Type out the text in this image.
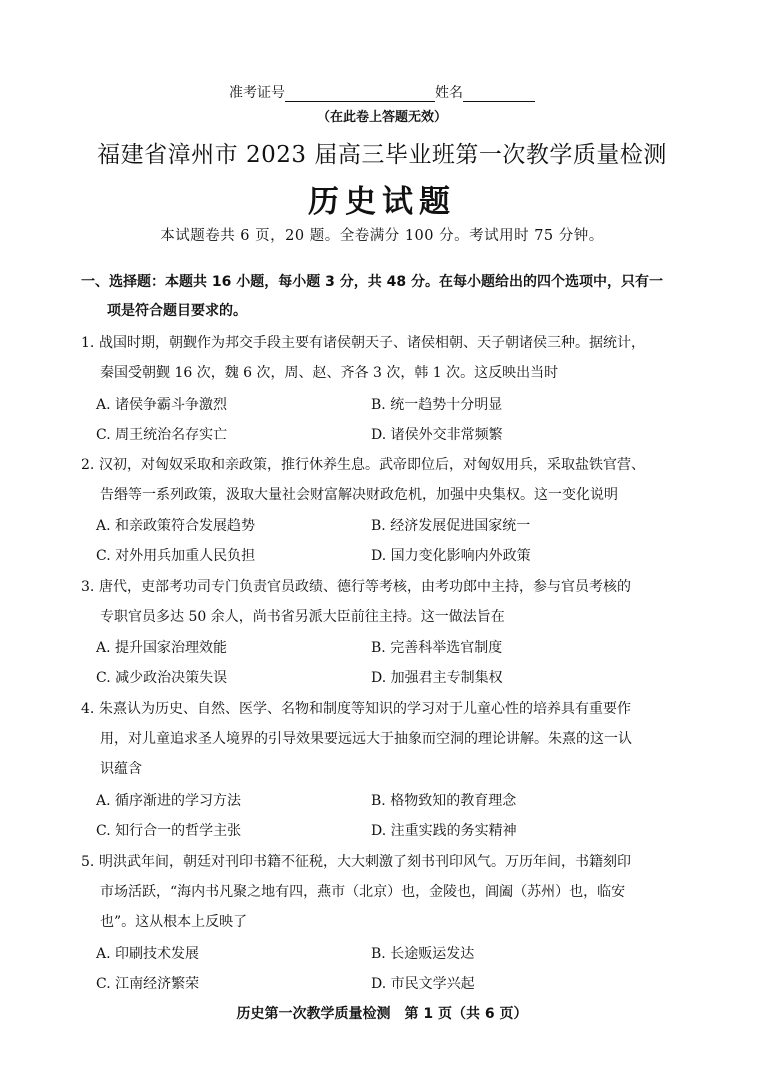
准考证号	姓名
（在此卷上答题无效）
福建省漳州市 2023 届高三毕业班第一次教学质量检测
历史试题
本试题卷共 6 页，20 题。全卷满分 100 分。考试用时 75 分钟。
一、选择题：本题共 16 小题，每小题 3 分，共 48 分。在每小题给出的四个选项中，只有一
项是符合题目要求的。
1. 战国时期，朝觐作为邦交手段主要有诸侯朝天子、诸侯相朝、天子朝诸侯三种。据统计，
秦国受朝觐 16 次，魏 6 次，周、赵、齐各 3 次，韩 1 次。这反映出当时
A. 诸侯争霸斗争激烈	B. 统一趋势十分明显
C. 周王统治名存实亡	D. 诸侯外交非常频繁
2. 汉初，对匈奴采取和亲政策，推行休养生息。武帝即位后，对匈奴用兵，采取盐铁官营、
告缗等一系列政策，汲取大量社会财富解决财政危机，加强中央集权。这一变化说明
A. 和亲政策符合发展趋势	B. 经济发展促进国家统一
C. 对外用兵加重人民负担	D. 国力变化影响内外政策
3. 唐代，吏部考功司专门负责官员政绩、德行等考核，由考功郎中主持，参与官员考核的
专职官员多达 50 余人，尚书省另派大臣前往主持。这一做法旨在
A. 提升国家治理效能	B. 完善科举选官制度
C. 减少政治决策失误	D. 加强君主专制集权
4. 朱熹认为历史、自然、医学、名物和制度等知识的学习对于儿童心性的培养具有重要作
用，对儿童追求圣人境界的引导效果要远远大于抽象而空洞的理论讲解。朱熹的这一认
识蕴含
A. 循序渐进的学习方法	B. 格物致知的教育理念
C. 知行合一的哲学主张	D. 注重实践的务实精神
5. 明洪武年间，朝廷对刊印书籍不征税，大大刺激了刻书刊印风气。万历年间，书籍刻印
市场活跃，“海内书凡聚之地有四，燕市（北京）也，金陵也，阊阖（苏州）也，临安
也”。这从根本上反映了
A. 印刷技术发展	B. 长途贩运发达
C. 江南经济繁荣	D. 市民文学兴起
历史第一次教学质量检测　第 1 页（共 6 页）
